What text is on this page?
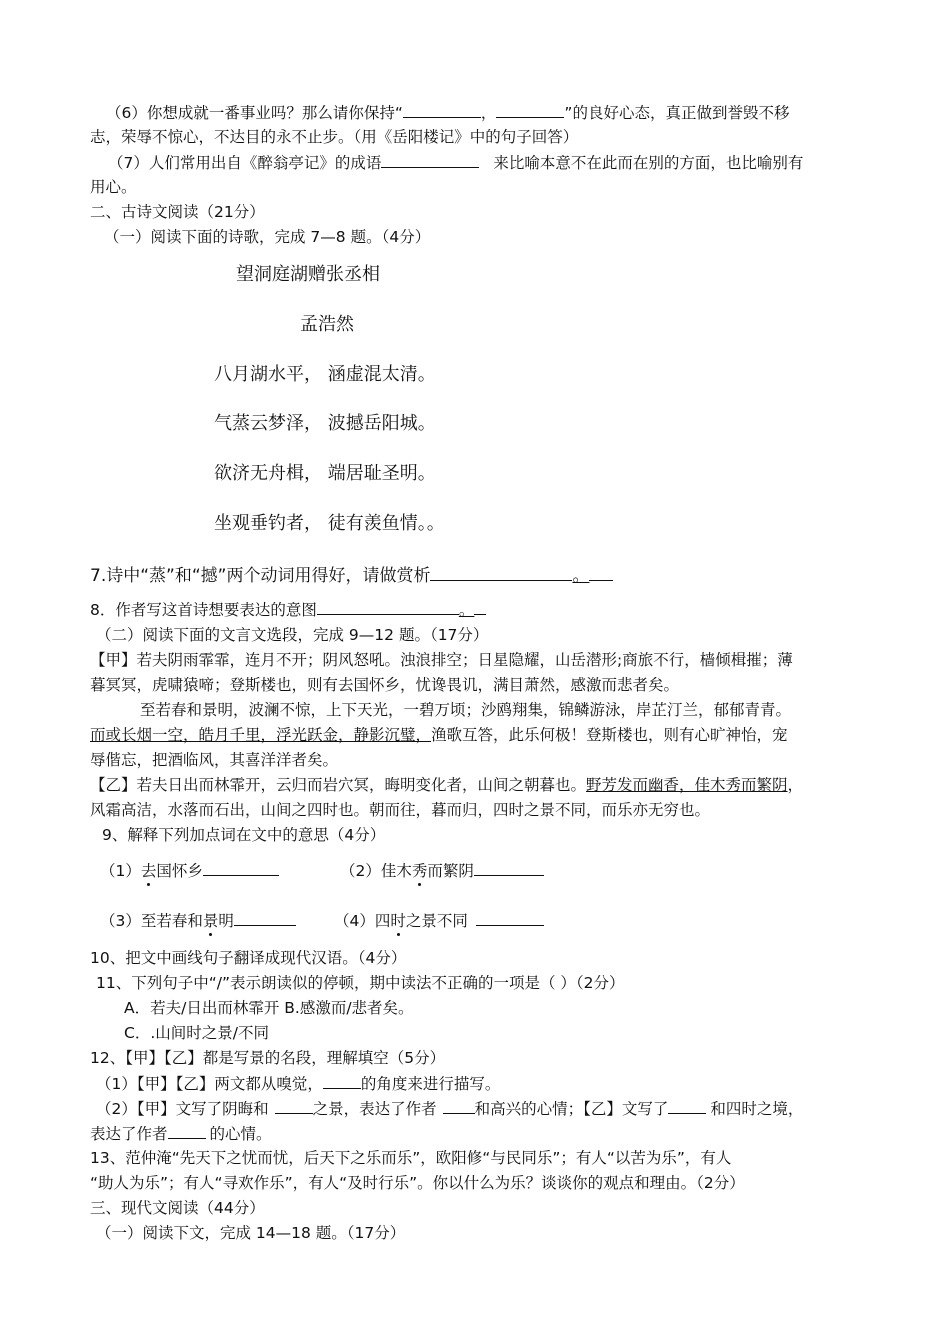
（6）你想成就一番事业吗？那么请你保持“	，	”的良好心态，真正做到誉毁不移
志，荣辱不惊心，不达目的永不止步。（用《岳阳楼记》中的句子回答）
（7）人们常用出自《醉翁亭记》的成语	来比喻本意不在此而在别的方面，也比喻别有
用心。
二、古诗文阅读（21分）
（一）阅读下面的诗歌，完成 7—8 题。（4分）
望洞庭湖赠张丞相
孟浩然
八月湖水平， 涵虚混太清。
气蒸云梦泽， 波撼岳阳城。
欲济无舟楫， 端居耻圣明。
坐观垂钓者， 徒有羡鱼情。。
7.诗中“蒸”和“撼”两个动词用得好，请做赏析	。
8．作者写这首诗想要表达的意图	。
（二）阅读下面的文言文选段，完成 9—12 题。（17分）
【甲】若夫阴雨霏霏，连月不开；阴风怒吼。浊浪排空；日星隐耀，山岳潜形;商旅不行，樯倾楫摧；薄
暮冥冥，虎啸猿啼；登斯楼也，则有去国怀乡，忧谗畏讥，满目萧然，感激而悲者矣。
至若春和景明，波澜不惊，上下天光，一碧万顷；沙鸥翔集，锦鳞游泳，岸芷汀兰，郁郁青青。
而或长烟一空，皓月千里，浮光跃金，静影沉璧，渔歌互答，此乐何极！登斯楼也，则有心旷神怡，宠
辱偕忘，把酒临风，其喜洋洋者矣。
【乙】若夫日出而林霏开，云归而岩穴冥，晦明变化者，山间之朝暮也。野芳发而幽香，佳木秀而繁阴，
风霜高洁，水落而石出，山间之四时也。朝而往，暮而归，四时之景不同，而乐亦无穷也。
9、解释下列加点词在文中的意思（4分）
（1）去国怀乡	（2）佳木秀而繁阴
（3）至若春和景明	（4）四时之景不同
10、把文中画线句子翻译成现代汉语。（4分）
11、下列句子中“/”表示朗读似的停顿，期中读法不正确的一项是（ ）（2分）
A．若夫/日出而林霏开 B.感激而/悲者矣。
C．.山间时之景/不同
12、【甲】【乙】都是写景的名段，理解填空（5分）
（1）【甲】【乙】两文都从嗅觉， 的角度来进行描写。
（2）【甲】文写了阴晦和	之景，表达了作者 和高兴的心情；【乙】文写了	和四时之境，
表达了作者	的心情。
13、范仲淹“先天下之忧而忧，后天下之乐而乐”，欧阳修“与民同乐”；有人“以苦为乐”，有人
“助人为乐”；有人“寻欢作乐”，有人“及时行乐”。你以什么为乐？谈谈你的观点和理由。（2分）
三、现代文阅读（44分）
（一）阅读下文，完成 14—18 题。（17分）
